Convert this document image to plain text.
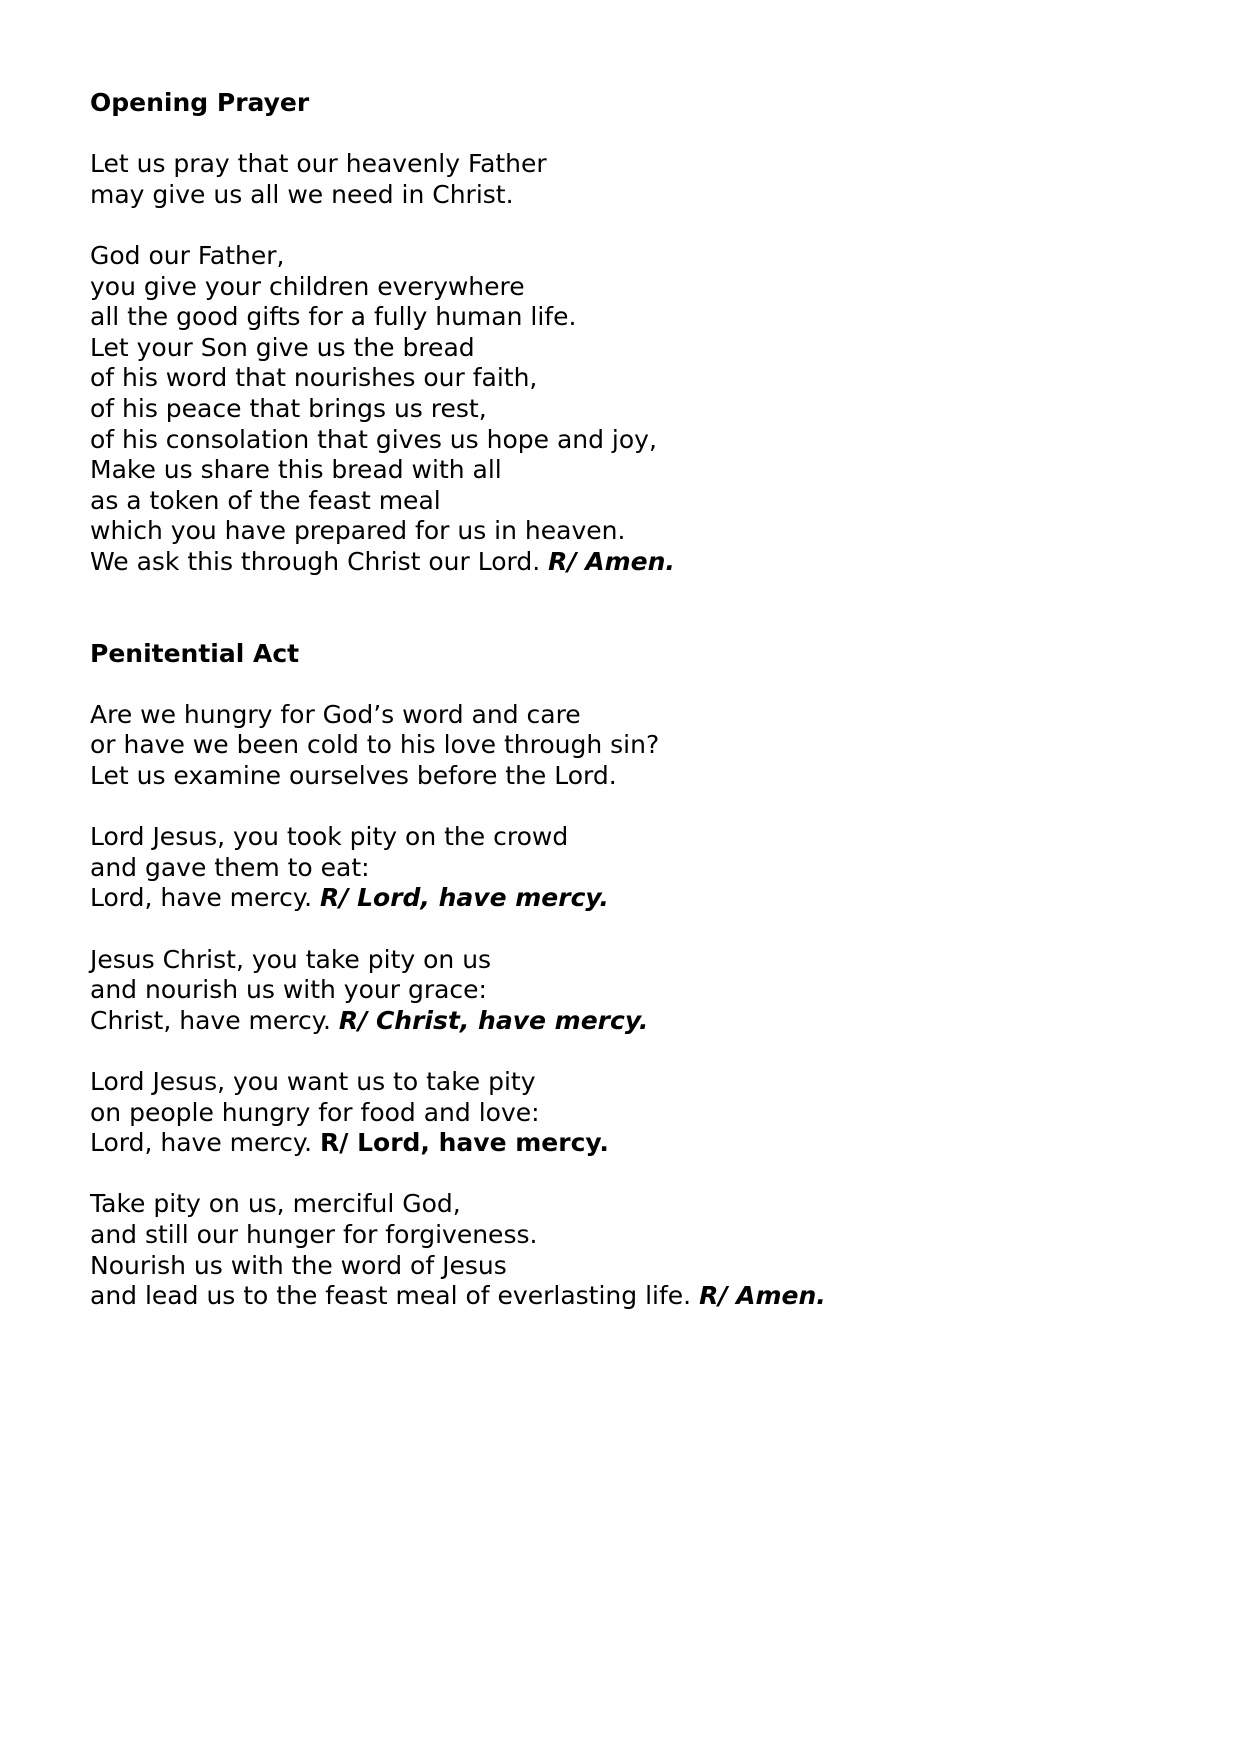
Opening Prayer
Let us pray that our heavenly Father
may give us all we need in Christ.
God our Father,
you give your children everywhere
all the good gifts for a fully human life.
Let your Son give us the bread
of his word that nourishes our faith,
of his peace that brings us rest,
of his consolation that gives us hope and joy,
Make us share this bread with all
as a token of the feast meal
which you have prepared for us in heaven.
We ask this through Christ our Lord. R/ Amen.
Penitential Act
Are we hungry for God’s word and care
or have we been cold to his love through sin?
Let us examine ourselves before the Lord.
Lord Jesus, you took pity on the crowd
and gave them to eat:
Lord, have mercy. R/ Lord, have mercy.
Jesus Christ, you take pity on us
and nourish us with your grace:
Christ, have mercy. R/ Christ, have mercy.
Lord Jesus, you want us to take pity
on people hungry for food and love:
Lord, have mercy. R/ Lord, have mercy.
Take pity on us, merciful God,
and still our hunger for forgiveness.
Nourish us with the word of Jesus
and lead us to the feast meal of everlasting life. R/ Amen.
